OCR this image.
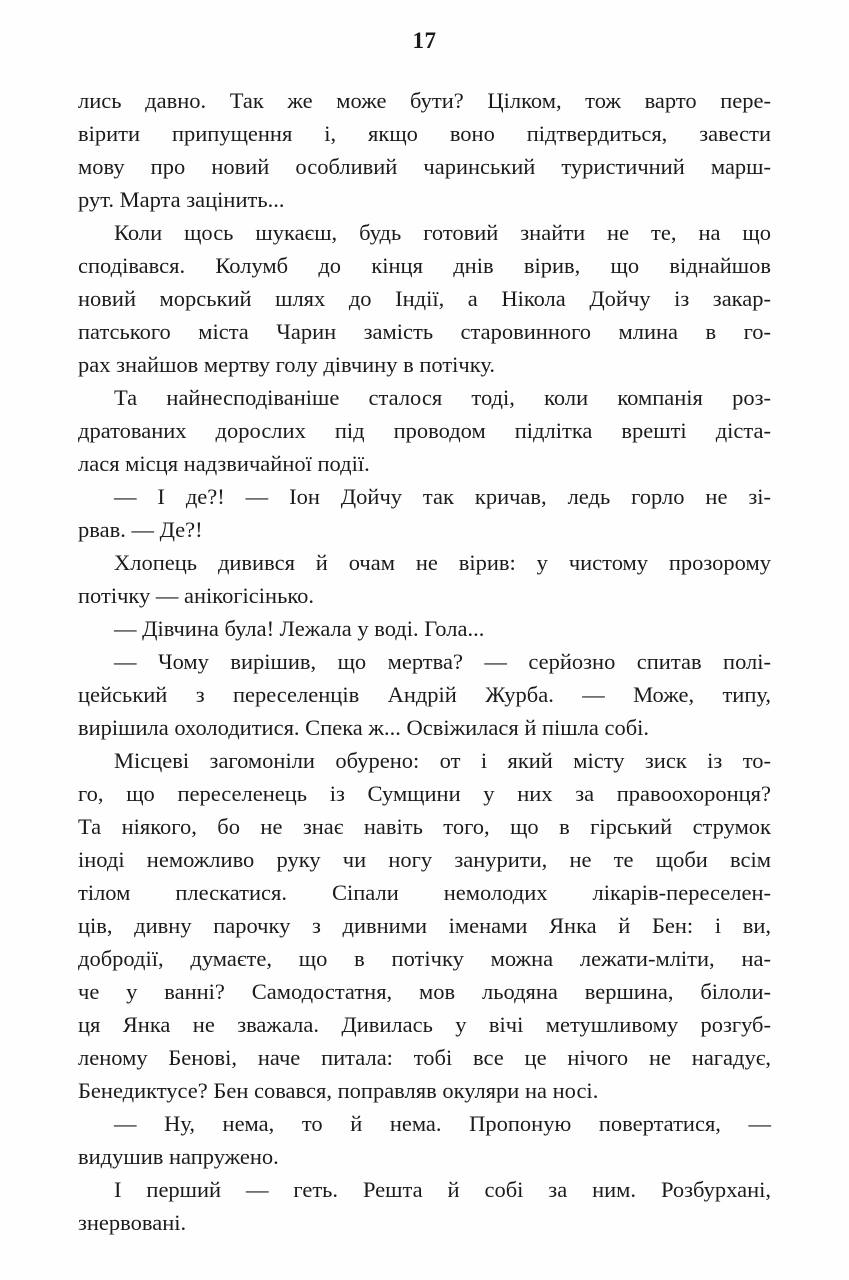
17

лись давно. Так же може бути? Цілком, тож варто пере-
вірити припущення і, якщо воно підтвердиться, завести
мову про новий особливий чаринський туристичний марш-
рут. Марта зацінить...

Коли щось шукаєш, будь готовий знайти не те, на що
сподівався. Колумб до кінця днів вірив, що віднайшов
новий морський шлях до Індії, а Нікола Дойчу із закар-
патського міста Чарин замість старовинного млина в го-
рах знайшов мертву голу дівчину в потічку.

Та найнесподіваніше сталося тоді, коли компанія роз-
дратованих дорослих під проводом підлітка врешті діста-
лася місця надзвичайної події.

— І де?! — Іон Дойчу так кричав, ледь горло не зі-
рвав. — Де?!

Хлопець дивився й очам не вірив: у чистому прозорому
потічку — анікогісінько.

— Дівчина була! Лежала у воді. Гола...

— Чому вирішив, що мертва? — серйозно спитав полі-
цейський з переселенців Андрій Журба. — Може, типу,
вирішила охолодитися. Спека ж... Освіжилася й пішла собі.

Місцеві загомоніли обурено: от і який місту зиск із то-
го, що переселенець із Сумщини у них за правоохоронця?
Та ніякого, бо не знає навіть того, що в гірський струмок
іноді неможливо руку чи ногу занурити, не те щоби всім
тілом плескатися. Сіпали немолодих лікарів-переселен-
ців, дивну парочку з дивними іменами Янка й Бен: і ви,
добродії, думаєте, що в потічку можна лежати-мліти, на-
че у ванні? Самодостатня, мов льодяна вершина, білоли-
ця Янка не зважала. Дивилась у вічі метушливому розгуб-
леному Бенові, наче питала: тобі все це нічого не нагадує,
Бенедиктусе? Бен совався, поправляв окуляри на носі.

— Ну, нема, то й нема. Пропоную повертатися, —
видушив напружено.

І перший — геть. Решта й собі за ним. Розбурхані,
знервовані.
